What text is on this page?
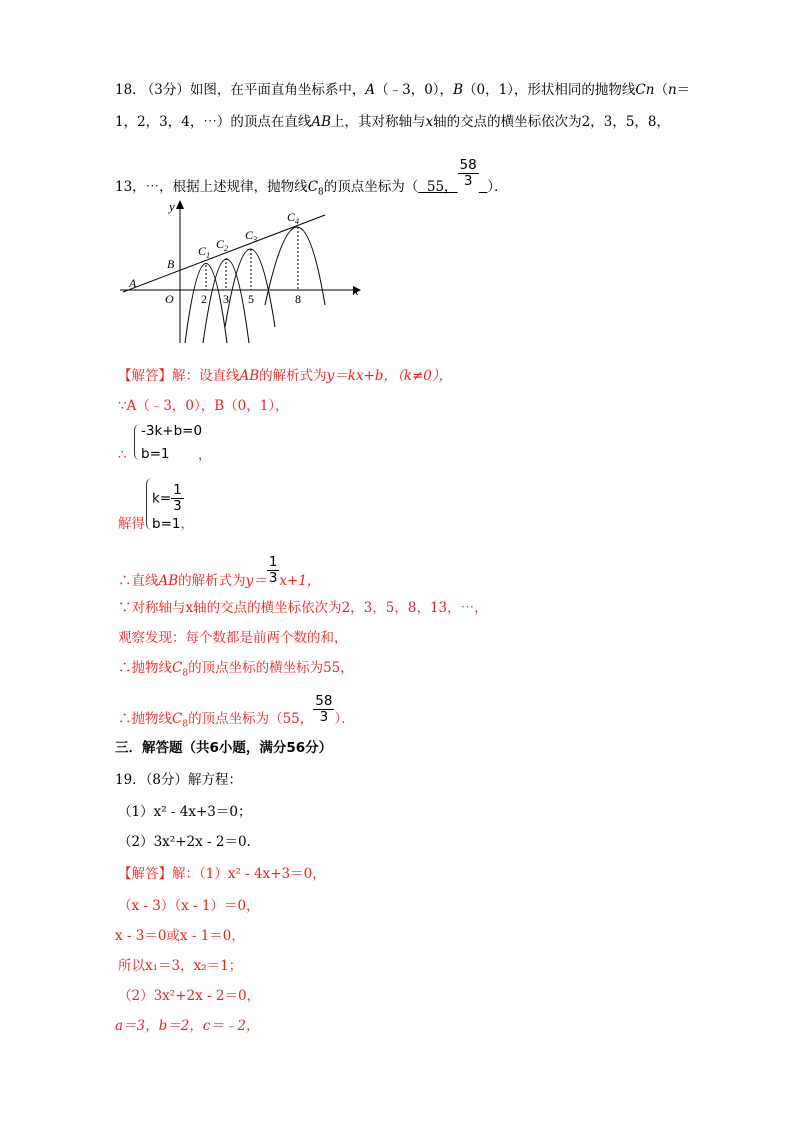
18. （3分）如图，在平面直角坐标系中，A（﹣3，0），B（0，1），形状相同的抛物线Cn（n＝
1，2，3，4，⋯）的顶点在直线AB上，其对称轴与x轴的交点的横坐标依次为2，3，5，8，
13，⋯，根据上述规律，抛物线$C_8$的顶点坐标为（ 55， $\frac{58}{3}$ ）．
y
x
O
A
B
$C_1$
$C_2$
$C_3$
$C_4$
2 3 5	8
【解答】解：设直线AB的解析式为y＝kx+b，（k≠0），
∵A（﹣3，0），B（0，1），
-3k+b=0
∴ b=1 ，
$k= \frac{1}{3}$
解得 b=1，
∴直线AB的解析式为$y= \frac{1}{3} x+1$，
∵对称轴与x轴的交点的横坐标依次为2，3，5，8，13，⋯，
观察发现：每个数都是前两个数的和，
∴抛物线$C_8$的顶点坐标的横坐标为55，
∴抛物线$C_8$的顶点坐标为（55， $\frac{58}{3}$ ）．
三．解答题（共6小题，满分56分）
19．（8分）解方程：
（1）x² - 4x+3＝0；
（2）3x²+2x - 2＝0.
【解答】解：（1）x² - 4x+3＝0，
（x - 3）（x - 1）＝0，
x - 3＝0或x - 1＝0，
所以x₁＝3，x₂＝1；
（2）3x²+2x - 2＝0，
a＝3，b＝2，c＝﹣2，
